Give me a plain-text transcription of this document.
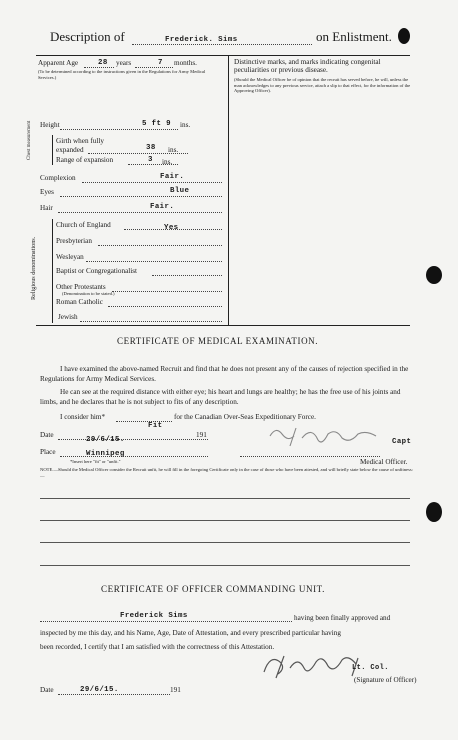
Description of	Frederick. Sims	on Enlistment.
Apparent Age	28 years	7 months.
(To be determined according to the instructions given in the Regulations for Army Medical Services.)
Height	5 ft 9 ins.
Chest measurement	Girth when fully expanded	38 ins.
Range of expansion	3 ins.
Complexion	Fair.
Eyes	Blue
Hair	Fair.
Religious denominations.
Church of England	Yes
Presbyterian
Wesleyan
Baptist or Congregationalist
Other Protestants
(Denomination to be stated.)
Roman Catholic
Jewish
Distinctive marks, and marks indicating congenital peculiarities or previous disease.
(Should the Medical Officer be of opinion that the recruit has served before, he will, unless the man acknowledges to any previous service, attach a slip to that effect, for the information of the Approving Officer).
CERTIFICATE OF MEDICAL EXAMINATION.
I have examined the above-named Recruit and find that he does not present any of the causes of rejection specified in the Regulations for Army Medical Services.
He can see at the required distance with either eye; his heart and lungs are healthy; he has the free use of his joints and limbs, and he declares that he is not subject to fits of any description.
I consider him*
Fit
for the Canadian Over-Seas Expeditionary Force.
Date
29/6/15.
191
Capt
Place	Winnipeg
Medical Officer.
*Insert here "fit" or "unfit."
NOTE.—Should the Medical Officer consider the Recruit unfit, he will fill in the foregoing Certificate only in the case of those who have been attested, and will briefly state below the cause of unfitness:—
CERTIFICATE OF OFFICER COMMANDING UNIT.
Frederick Sims	having been finally approved and
inspected by me this day, and his Name, Age, Date of Attestation, and every prescribed particular having
been recorded, I certify that I am satisfied with the correctness of this Attestation.
Lt. Col.
(Signature of Officer)
Date	29/6/15.	191
